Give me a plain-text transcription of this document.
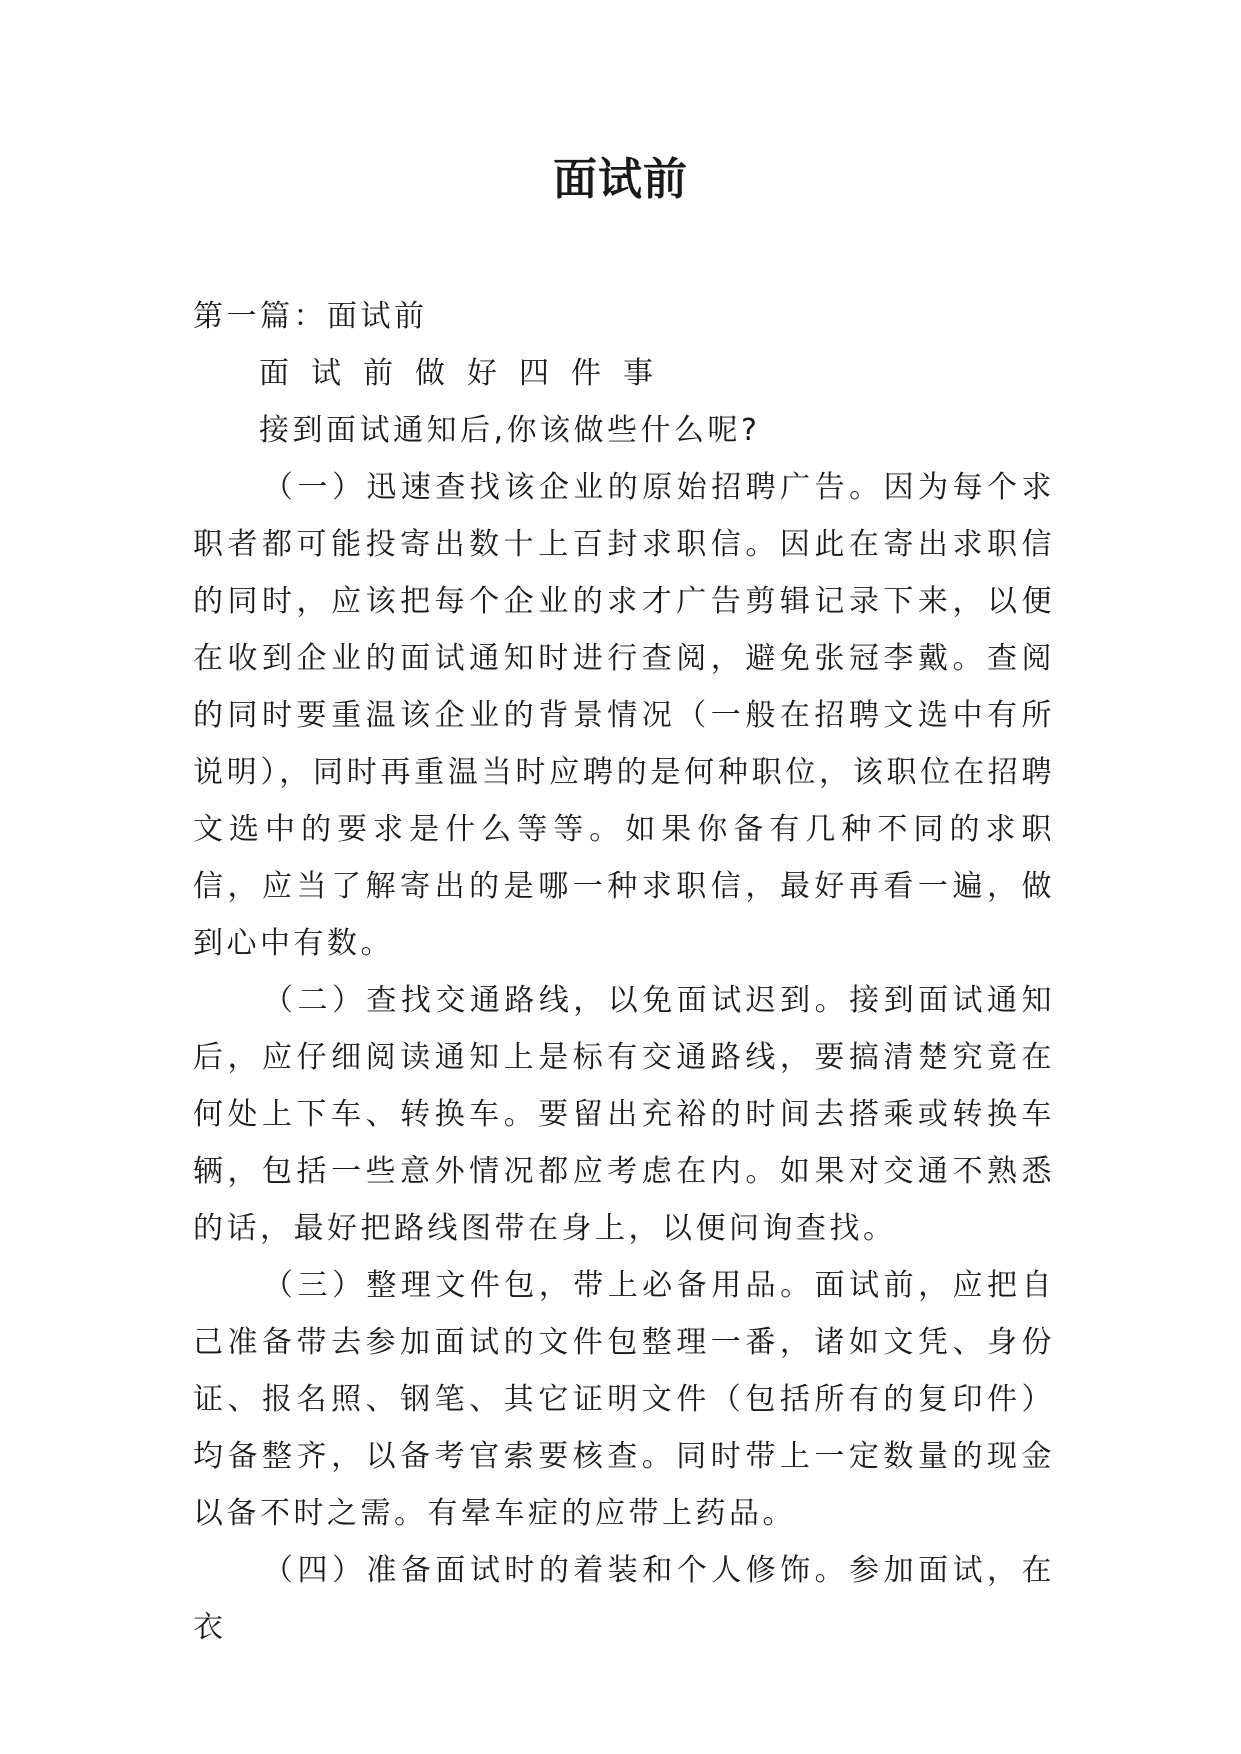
面试前
第一篇：面试前
面试前做好四件事
接到面试通知后,你该做些什么呢?

（一）迅速查找该企业的原始招聘广告。因为每个求职者都可能投寄出数十上百封求职信。因此在寄出求职信的同时，应该把每个企业的求才广告剪辑记录下来，以便在收到企业的面试通知时进行查阅，避免张冠李戴。查阅的同时要重温该企业的背景情况（一般在招聘文选中有所说明），同时再重温当时应聘的是何种职位，该职位在招聘文选中的要求是什么等等。如果你备有几种不同的求职信，应当了解寄出的是哪一种求职信，最好再看一遍，做到心中有数。

（二）查找交通路线，以免面试迟到。接到面试通知后，应仔细阅读通知上是标有交通路线，要搞清楚究竟在何处上下车、转换车。要留出充裕的时间去搭乘或转换车辆，包括一些意外情况都应考虑在内。如果对交通不熟悉的话，最好把路线图带在身上，以便问询查找。

（三）整理文件包，带上必备用品。面试前，应把自己准备带去参加面试的文件包整理一番，诸如文凭、身份证、报名照、钢笔、其它证明文件（包括所有的复印件）均备整齐，以备考官索要核查。同时带上一定数量的现金以备不时之需。有晕车症的应带上药品。

（四）准备面试时的着装和个人修饰。参加面试，在衣
